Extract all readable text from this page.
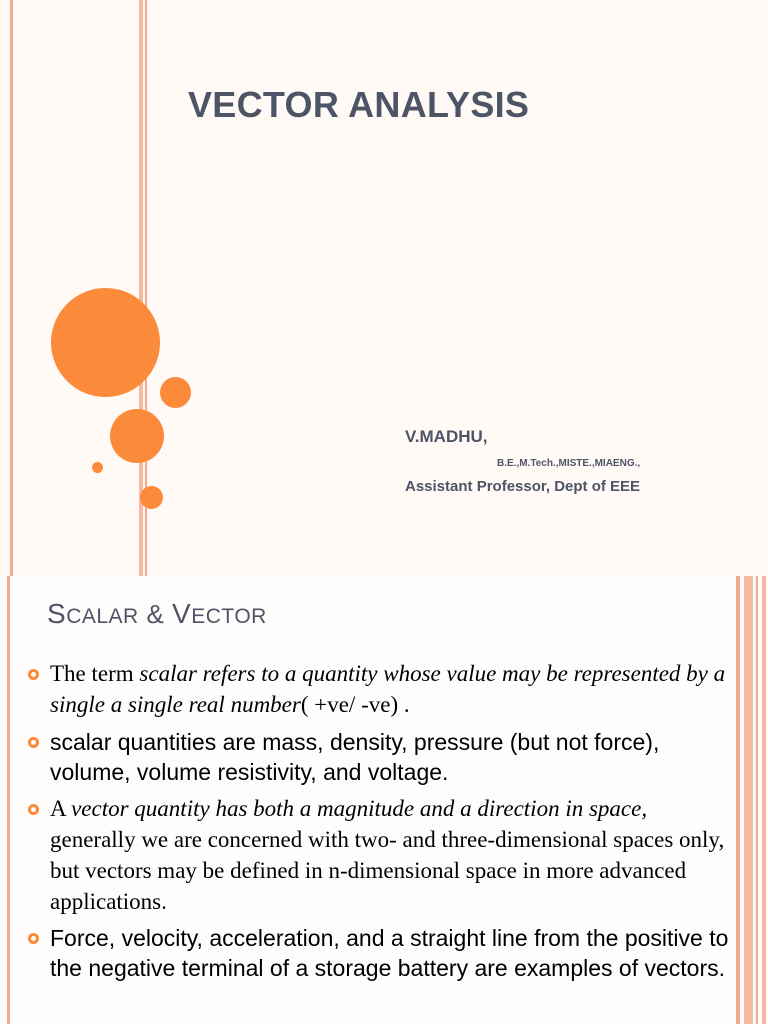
VECTOR ANALYSIS
V.MADHU,
B.E.,M.Tech.,MISTE.,MIAENG.,
Assistant Professor, Dept of EEE
SCALAR & VECTOR
The term scalar refers to a quantity whose value may be represented by a single a single real number( +ve/ -ve) .
scalar quantities are mass, density, pressure (but not force), volume, volume resistivity, and voltage.
A vector quantity has both a magnitude and a direction in space, generally we are concerned with two- and three-dimensional spaces only, but vectors may be defined in n-dimensional space in more advanced applications.
Force, velocity, acceleration, and a straight line from the positive to the negative terminal of a storage battery are examples of vectors.
